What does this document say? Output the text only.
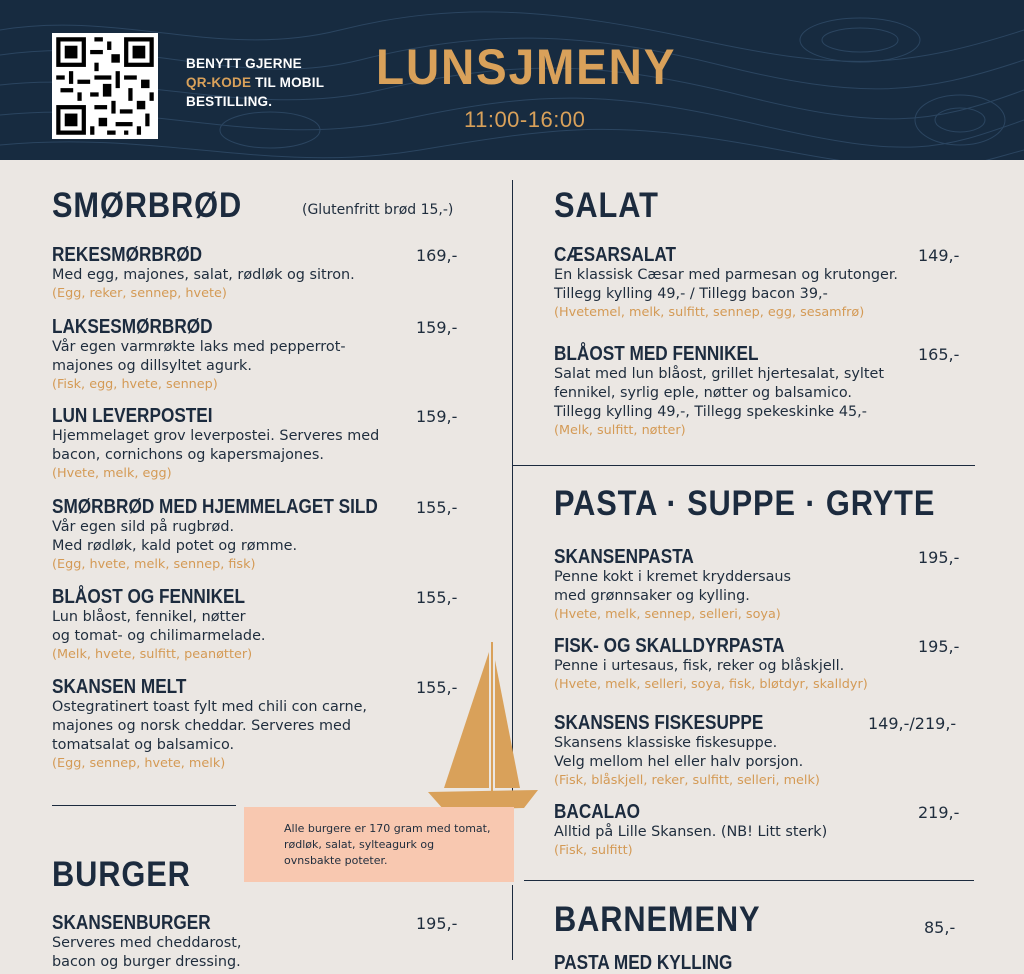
BENYTT GJERNE
QR-KODE TIL MOBIL
BESTILLING.
LUNSJMENY
11:00-16:00
SMØRBRØD	(Glutenfritt brød 15,-)
REKESMØRBRØD
Med egg, majones, salat, rødløk og sitron.
(Egg, reker, sennep, hvete)
169,-
LAKSESMØRBRØD
Vår egen varmrøkte laks med pepperrot-
majones og dillsyltet agurk.
(Fisk, egg, hvete, sennep)
159,-
LUN LEVERPOSTEI
Hjemmelaget grov leverpostei. Serveres med
bacon, cornichons og kapersmajones.
(Hvete, melk, egg)
159,-
SMØRBRØD MED HJEMMELAGET SILD
Vår egen sild på rugbrød.
Med rødløk, kald potet og rømme.
(Egg, hvete, melk, sennep, fisk)
155,-
BLÅOST OG FENNIKEL
Lun blåost, fennikel, nøtter
og tomat- og chilimarmelade.
(Melk, hvete, sulfitt, peanøtter)
155,-
SKANSEN MELT
Ostegratinert toast fylt med chili con carne,
majones og norsk cheddar. Serveres med
tomatsalat og balsamico.
(Egg, sennep, hvete, melk)
155,-

Alle burgere er 170 gram med tomat, rødløk, salat, sylteagurk og ovnsbakte poteter.

BURGER
SKANSENBURGER
Serveres med cheddarost,
bacon og burger dressing.
195,-
SALAT
CÆSARSALAT
En klassisk Cæsar med parmesan og krutonger.
Tillegg kylling 49,- / Tillegg bacon 39,-
(Hvetemel, melk, sulfitt, sennep, egg, sesamfrø)
149,-
BLÅOST MED FENNIKEL
Salat med lun blåost, grillet hjertesalat, syltet
fennikel, syrlig eple, nøtter og balsamico.
Tillegg kylling 49,-, Tillegg spekeskinke 45,-
(Melk, sulfitt, nøtter)
165,-
PASTA · SUPPE · GRYTE
SKANSENPASTA
Penne kokt i kremet kryddersaus
med grønnsaker og kylling.
(Hvete, melk, sennep, selleri, soya)
195,-
FISK- OG SKALLDYRPASTA
Penne i urtesaus, fisk, reker og blåskjell.
(Hvete, melk, selleri, soya, fisk, bløtdyr, skalldyr)
195,-
SKANSENS FISKESUPPE
Skansens klassiske fiskesuppe.
Velg mellom hel eller halv porsjon.
(Fisk, blåskjell, reker, sulfitt, selleri, melk)
149,-/219,-
BACALAO
Alltid på Lille Skansen. (NB! Litt sterk)
(Fisk, sulfitt)
219,-
BARNEMENY	85,-
PASTA MED KYLLING
